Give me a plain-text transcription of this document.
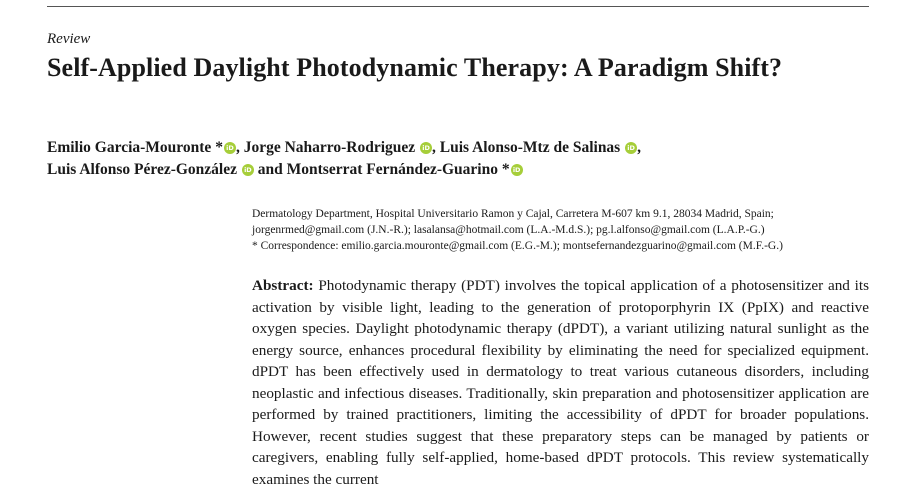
Review
Self-Applied Daylight Photodynamic Therapy: A Paradigm Shift?
Emilio Garcia-Mouronte * iD , Jorge Naharro-Rodriguez iD , Luis Alonso-Mtz de Salinas iD ,
Luis Alfonso Pérez-González iD and Montserrat Fernández-Guarino * iD
Dermatology Department, Hospital Universitario Ramon y Cajal, Carretera M-607 km 9.1, 28034 Madrid, Spain;
jorgenrmed@gmail.com (J.N.-R.); lasalansa@hotmail.com (L.A.-M.d.S.); pg.l.alfonso@gmail.com (L.A.P.-G.)
* Correspondence: emilio.garcia.mouronte@gmail.com (E.G.-M.); montsefernandezguarino@gmail.com (M.F.-G.)

Abstract: Photodynamic therapy (PDT) involves the topical application of a photosensitizer and its activation by visible light, leading to the generation of protoporphyrin IX (PpIX) and reactive oxygen species. Daylight photodynamic therapy (dPDT), a variant utilizing natural sunlight as the energy source, enhances procedural flexibility by eliminating the need for specialized equipment. dPDT has been effectively used in dermatology to treat various cutaneous disorders, including neoplastic and infectious diseases. Traditionally, skin preparation and photosensitizer application are performed by trained practitioners, limiting the accessibility of dPDT for broader populations. However, recent studies suggest that these preparatory steps can be managed by patients or caregivers, enabling fully self-applied, home-based dPDT protocols. This review systematically examines the current
